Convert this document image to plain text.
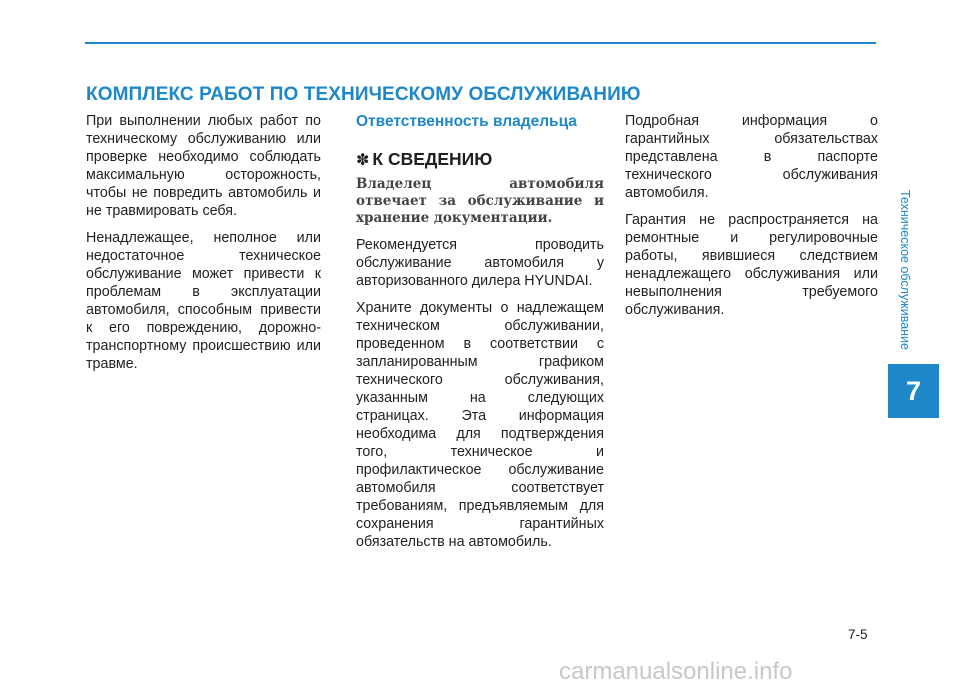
КОМПЛЕКС РАБОТ ПО ТЕХНИЧЕСКОМУ ОБСЛУЖИВАНИЮ

При выполнении любых работ по техническому обслуживанию или проверке необходимо соблюдать максимальную осторожность, чтобы не повредить автомобиль и не травмировать себя.

Ненадлежащее, неполное или недостаточное техническое обслуживание может привести к проблемам в эксплуатации автомобиля, способным привести к его повреждению, дорожно-транспортному происшествию или травме.

Ответственность владельца
✽ К СВЕДЕНИЮ

Владелец автомобиля отвечает за обслуживание и хранение документации.

Рекомендуется проводить обслуживание автомобиля у авторизованного дилера HYUNDAI.

Храните документы о надлежащем техническом обслуживании, проведенном в соответствии с запланированным графиком технического обслуживания, указанным на следующих страницах. Эта информация необходима для подтверждения того, техническое и профилактическое обслуживание автомобиля соответствует требованиям, предъявляемым для сохранения гарантийных обязательств на автомобиль.

Подробная информация о гарантийных обязательствах представлена в паспорте технического обслуживания автомобиля.

Гарантия не распространяется на ремонтные и регулировочные работы, явившиеся следствием ненадлежащего обслуживания или невыполнения требуемого обслуживания.	Техническое обслуживание
7
7-5
carmanualsonline.info
